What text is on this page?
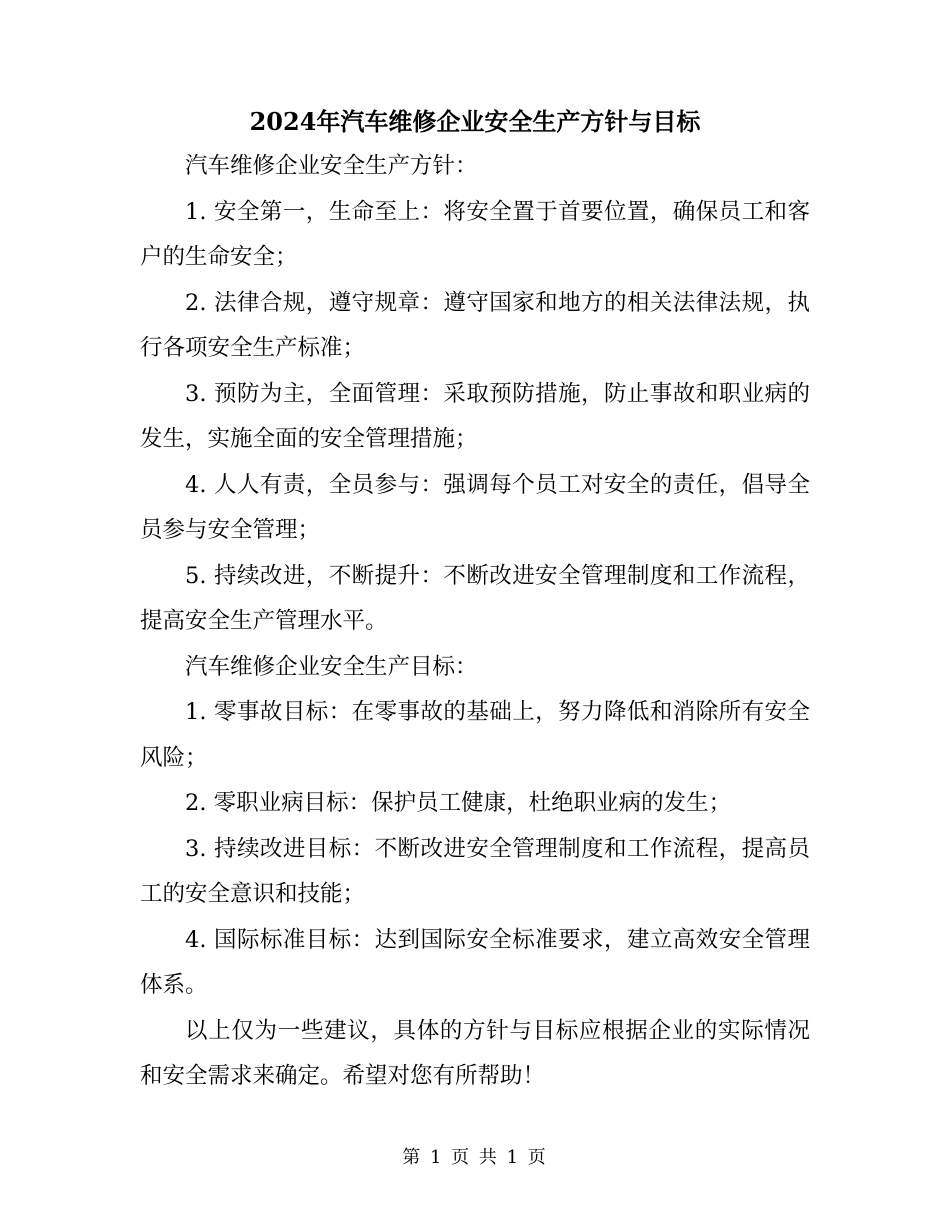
2024年汽车维修企业安全生产方针与目标

汽车维修企业安全生产方针：

1. 安全第一，生命至上：将安全置于首要位置，确保员工和客户的生命安全；

2. 法律合规，遵守规章：遵守国家和地方的相关法律法规，执行各项安全生产标准；

3. 预防为主，全面管理：采取预防措施，防止事故和职业病的发生，实施全面的安全管理措施；

4. 人人有责，全员参与：强调每个员工对安全的责任，倡导全员参与安全管理；

5. 持续改进，不断提升：不断改进安全管理制度和工作流程，提高安全生产管理水平。

汽车维修企业安全生产目标：

1. 零事故目标：在零事故的基础上，努力降低和消除所有安全风险；

2. 零职业病目标：保护员工健康，杜绝职业病的发生；

3. 持续改进目标：不断改进安全管理制度和工作流程，提高员工的安全意识和技能；

4. 国际标准目标：达到国际安全标准要求，建立高效安全管理体系。

以上仅为一些建议，具体的方针与目标应根据企业的实际情况和安全需求来确定。希望对您有所帮助！

第 1 页 共 1 页
